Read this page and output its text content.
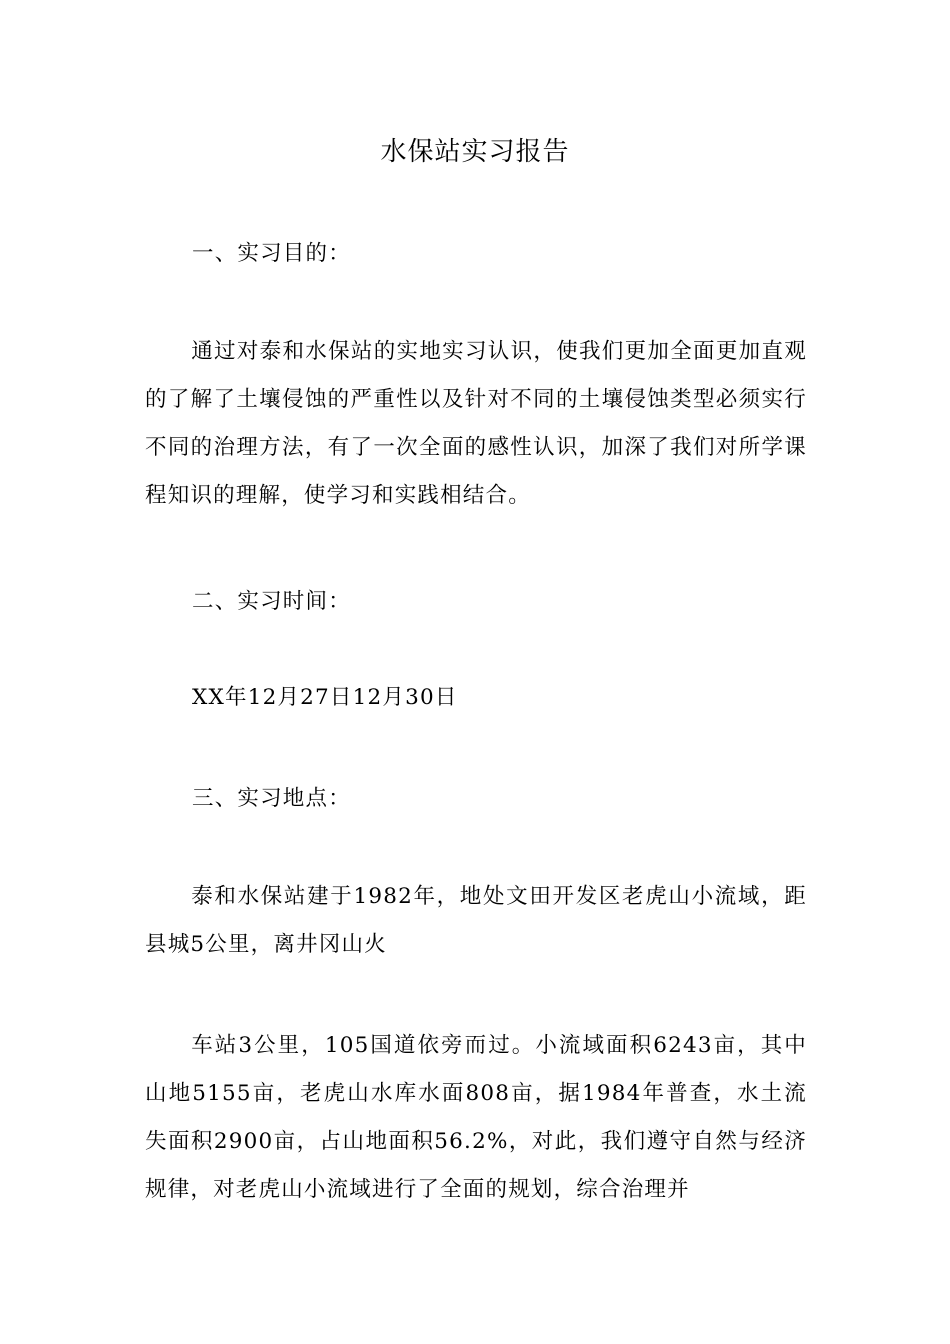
水保站实习报告

一、实习目的：

通过对泰和水保站的实地实习认识，使我们更加全面更加直观的了解了土壤侵蚀的严重性以及针对不同的土壤侵蚀类型必须实行不同的治理方法，有了一次全面的感性认识，加深了我们对所学课程知识的理解，使学习和实践相结合。

二、实习时间：

XX年12月27日12月30日

三、实习地点：

泰和水保站建于1982年，地处文田开发区老虎山小流域，距县城5公里，离井冈山火

车站3公里，105国道依旁而过。小流域面积6243亩，其中山地5155亩，老虎山水库水面808亩，据1984年普查，水土流失面积2900亩，占山地面积56.2%，对此，我们遵守自然与经济规律，对老虎山小流域进行了全面的规划，综合治理并
